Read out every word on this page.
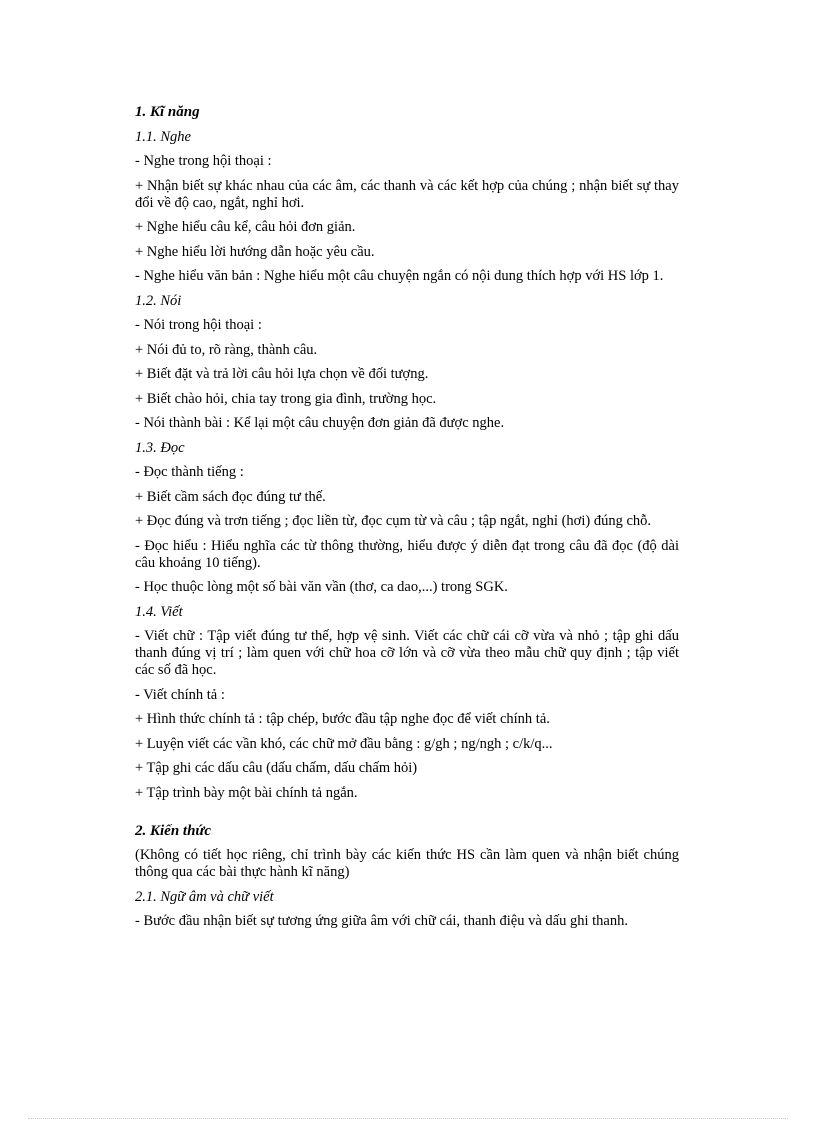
1. Kĩ năng
1.1. Nghe
- Nghe trong hội thoại :
+ Nhận biết sự khác nhau của các âm, các thanh và các kết hợp của chúng ; nhận biết sự thay đổi về độ cao, ngắt, nghỉ hơi.
+ Nghe hiểu câu kể, câu hỏi đơn giản.
+ Nghe hiểu lời hướng dẫn hoặc yêu cầu.
- Nghe hiểu văn bản : Nghe hiểu một câu chuyện ngắn có nội dung thích hợp với HS lớp 1.
1.2. Nói
- Nói trong hội thoại :
+ Nói đủ to, rõ ràng, thành câu.
+ Biết đặt và trả lời câu hỏi lựa chọn về đối tượng.
+ Biết chào hỏi, chia tay trong gia đình, trường học.
- Nói thành bài : Kể lại một câu chuyện đơn giản đã được nghe.
1.3. Đọc
- Đọc thành tiếng :
+ Biết cầm sách đọc đúng tư thế.
+ Đọc đúng và trơn tiếng ; đọc liền từ, đọc cụm từ và câu ; tập ngắt, nghỉ (hơi) đúng chỗ.
- Đọc hiểu : Hiểu nghĩa các từ thông thường, hiểu được ý diễn đạt trong câu đã đọc (độ dài câu khoảng 10 tiếng).
- Học thuộc lòng một số bài văn vần (thơ, ca dao,...) trong SGK.
1.4. Viết
- Viết chữ : Tập viết đúng tư thế, hợp vệ sinh. Viết các chữ cái cỡ vừa và nhỏ ; tập ghi dấu thanh đúng vị trí ; làm quen với chữ hoa cỡ lớn và cỡ vừa theo mẫu chữ quy định ; tập viết các số đã học.
- Viết chính tả :
+ Hình thức chính tả : tập chép, bước đầu tập nghe đọc để viết chính tả.
+ Luyện viết các vần khó, các chữ mở đầu bằng : g/gh ; ng/ngh ; c/k/q...
+ Tập ghi các dấu câu (dấu chấm, dấu chấm hỏi)
+ Tập trình bày một bài chính tả ngắn.
2. Kiến thức
(Không có tiết học riêng, chỉ trình bày các kiến thức HS cần làm quen và nhận biết chúng thông qua các bài thực hành kĩ năng)
2.1. Ngữ âm và chữ viết
- Bước đầu nhận biết sự tương ứng giữa âm với chữ cái, thanh điệu và dấu ghi thanh.
